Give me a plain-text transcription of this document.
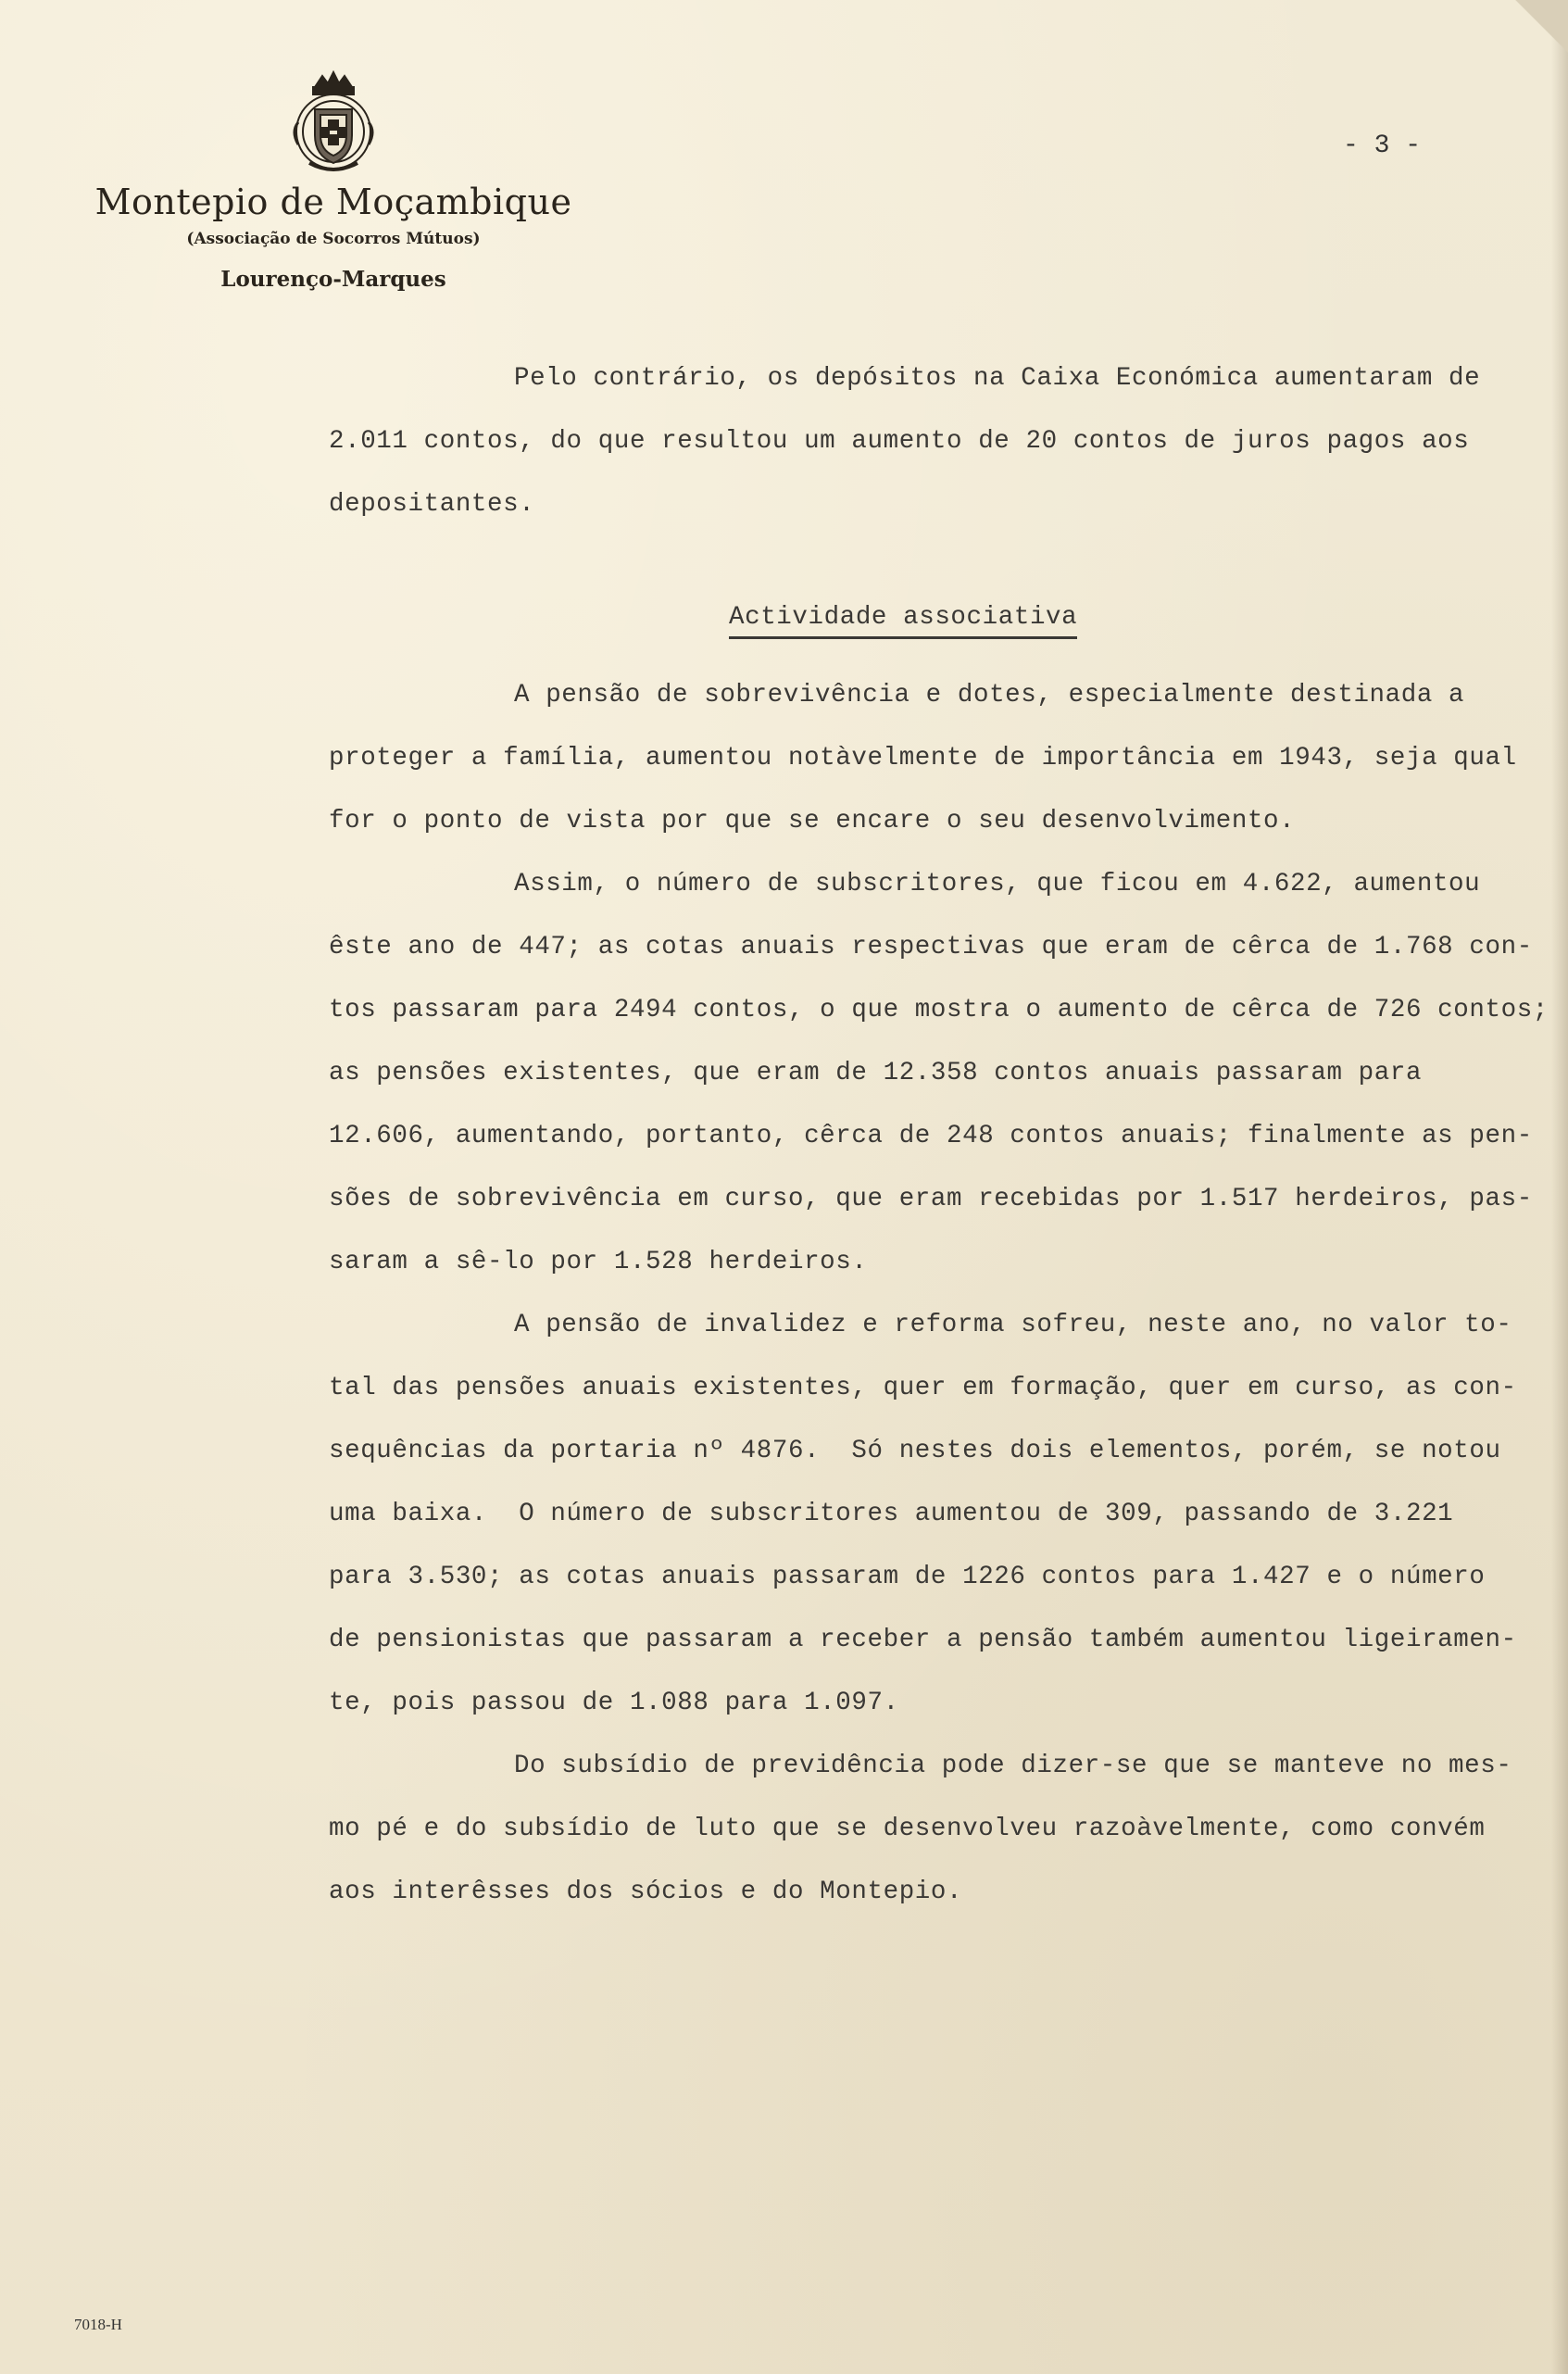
Montepio de Moçambique
(Associação de Socorros Mútuos)
Lourenço-Marques
- 3 -
Pelo contrário, os depósitos na Caixa Económica aumentaram de
2.011 contos, do que resultou um aumento de 20 contos de juros pagos aos
depositantes.
Actividade associativa
A pensão de sobrevivência e dotes, especialmente destinada a
proteger a família, aumentou notàvelmente de importância em 1943, seja qual
for o ponto de vista por que se encare o seu desenvolvimento.
Assim, o número de subscritores, que ficou em 4.622, aumentou
êste ano de 447; as cotas anuais respectivas que eram de cêrca de 1.768 con-
tos passaram para 2494 contos, o que mostra o aumento de cêrca de 726 contos;
as pensões existentes, que eram de 12.358 contos anuais passaram para
12.606, aumentando, portanto, cêrca de 248 contos anuais; finalmente as pen-
sões de sobrevivência em curso, que eram recebidas por 1.517 herdeiros, pas-
saram a sê-lo por 1.528 herdeiros.
A pensão de invalidez e reforma sofreu, neste ano, no valor to-
tal das pensões anuais existentes, quer em formação, quer em curso, as con-
sequências da portaria nº 4876.  Só nestes dois elementos, porém, se notou
uma baixa.  O número de subscritores aumentou de 309, passando de 3.221
para 3.530; as cotas anuais passaram de 1226 contos para 1.427 e o número
de pensionistas que passaram a receber a pensão também aumentou ligeiramen-
te, pois passou de 1.088 para 1.097.
Do subsídio de previdência pode dizer-se que se manteve no mes-
mo pé e do subsídio de luto que se desenvolveu razoàvelmente, como convém
aos interêsses dos sócios e do Montepio.
7018-H
